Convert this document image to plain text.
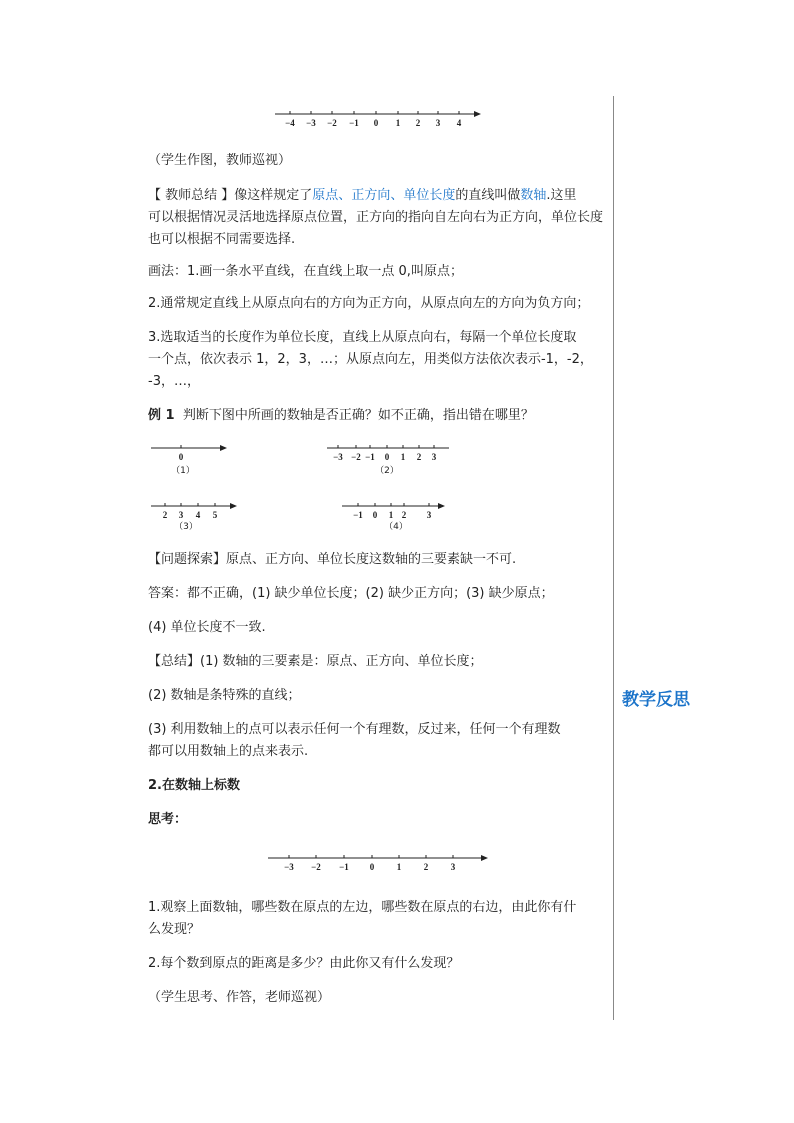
−4 −3 −2 −1 0 1 2 3 4
（学生作图，教师巡视）
【 教师总结 】像这样规定了原点、正方向、单位长度的直线叫做数轴.这里
可以根据情况灵活地选择原点位置，正方向的指向自左向右为正方向，单位长度
也可以根据不同需要选择.
画法：1.画一条水平直线，在直线上取一点 0,叫原点；
2.通常规定直线上从原点向右的方向为正方向，从原点向左的方向为负方向；
3.选取适当的长度作为单位长度，直线上从原点向右，每隔一个单位长度取
一个点，依次表示 1，2，3，…；从原点向左，用类似方法依次表示-1，-2，
-3，…，
例 1 判断下图中所画的数轴是否正确？如不正确，指出错在哪里？
0
（1）
−3 −2 −1 0 1 2 3
（2）
2 3 4 5
（3）
−1 0 1 2 3
（4）
【问题探索】原点、正方向、单位长度这数轴的三要素缺一不可.
答案：都不正确，(1) 缺少单位长度；(2) 缺少正方向；(3) 缺少原点；
(4) 单位长度不一致.
【总结】(1) 数轴的三要素是：原点、正方向、单位长度；
(2) 数轴是条特殊的直线；
(3) 利用数轴上的点可以表示任何一个有理数，反过来，任何一个有理数
都可以用数轴上的点来表示.
2.在数轴上标数
思考：
−3 −2 −1 0	1	2	3
1.观察上面数轴，哪些数在原点的左边，哪些数在原点的右边，由此你有什
么发现？
2.每个数到原点的距离是多少？由此你又有什么发现？
（学生思考、作答，老师巡视）
教学反思
